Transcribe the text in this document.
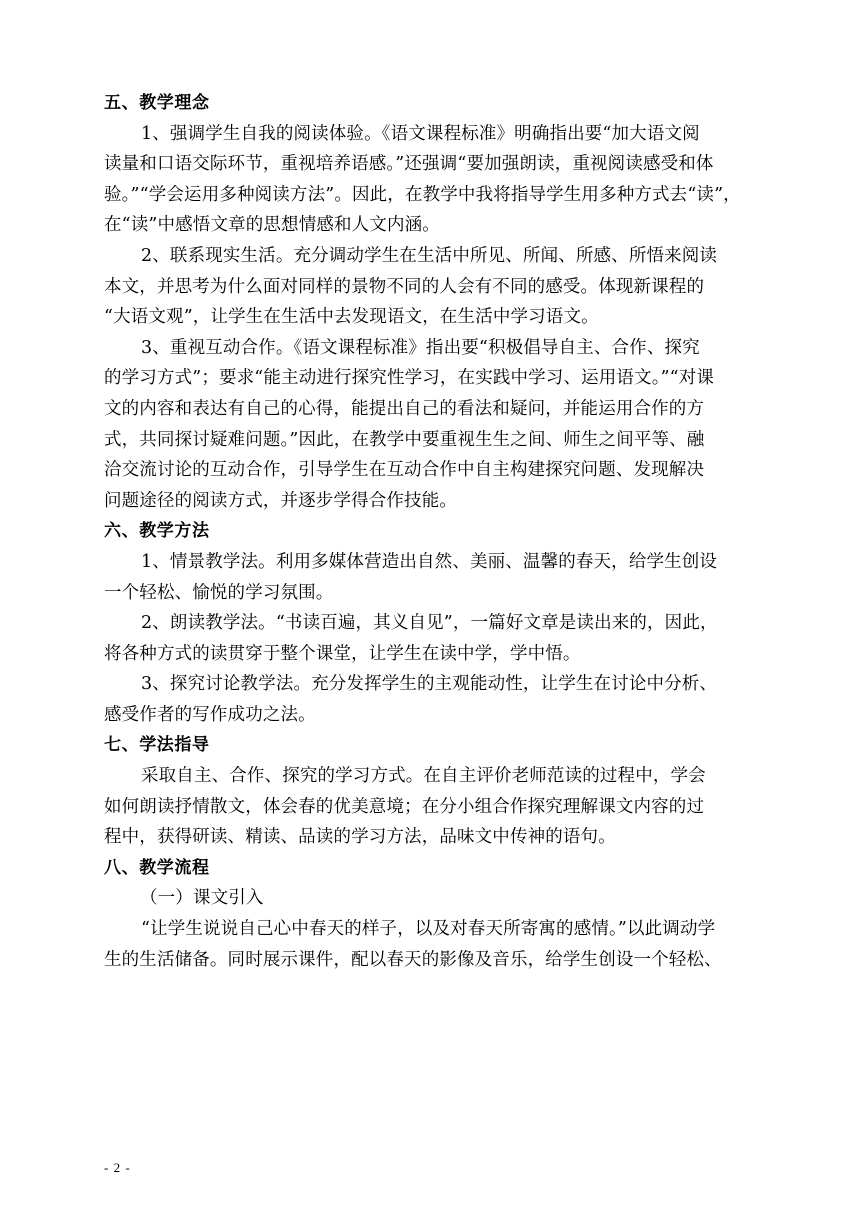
五、教学理念
1、强调学生自我的阅读体验。《语文课程标准》明确指出要“加大语文阅
读量和口语交际环节，重视培养语感。”还强调“要加强朗读，重视阅读感受和体
验。”“学会运用多种阅读方法”。因此，在教学中我将指导学生用多种方式去“读”，
在“读”中感悟文章的思想情感和人文内涵。
2、联系现实生活。充分调动学生在生活中所见、所闻、所感、所悟来阅读
本文，并思考为什么面对同样的景物不同的人会有不同的感受。体现新课程的
“大语文观”，让学生在生活中去发现语文，在生活中学习语文。
3、重视互动合作。《语文课程标准》指出要“积极倡导自主、合作、探究
的学习方式”；要求“能主动进行探究性学习，在实践中学习、运用语文。”“对课
文的内容和表达有自己的心得，能提出自己的看法和疑问，并能运用合作的方
式，共同探讨疑难问题。”因此，在教学中要重视生生之间、师生之间平等、融
洽交流讨论的互动合作，引导学生在互动合作中自主构建探究问题、发现解决
问题途径的阅读方式，并逐步学得合作技能。
六、教学方法
1、情景教学法。利用多媒体营造出自然、美丽、温馨的春天，给学生创设
一个轻松、愉悦的学习氛围。
2、朗读教学法。“书读百遍，其义自见”，一篇好文章是读出来的，因此，
将各种方式的读贯穿于整个课堂，让学生在读中学，学中悟。
3、探究讨论教学法。充分发挥学生的主观能动性，让学生在讨论中分析、
感受作者的写作成功之法。
七、学法指导
采取自主、合作、探究的学习方式。在自主评价老师范读的过程中，学会
如何朗读抒情散文，体会春的优美意境；在分小组合作探究理解课文内容的过
程中，获得研读、精读、品读的学习方法，品味文中传神的语句。
八、教学流程
（一）课文引入
“让学生说说自己心中春天的样子，以及对春天所寄寓的感情。”以此调动学
生的生活储备。同时展示课件，配以春天的影像及音乐，给学生创设一个轻松、
- 2 -
